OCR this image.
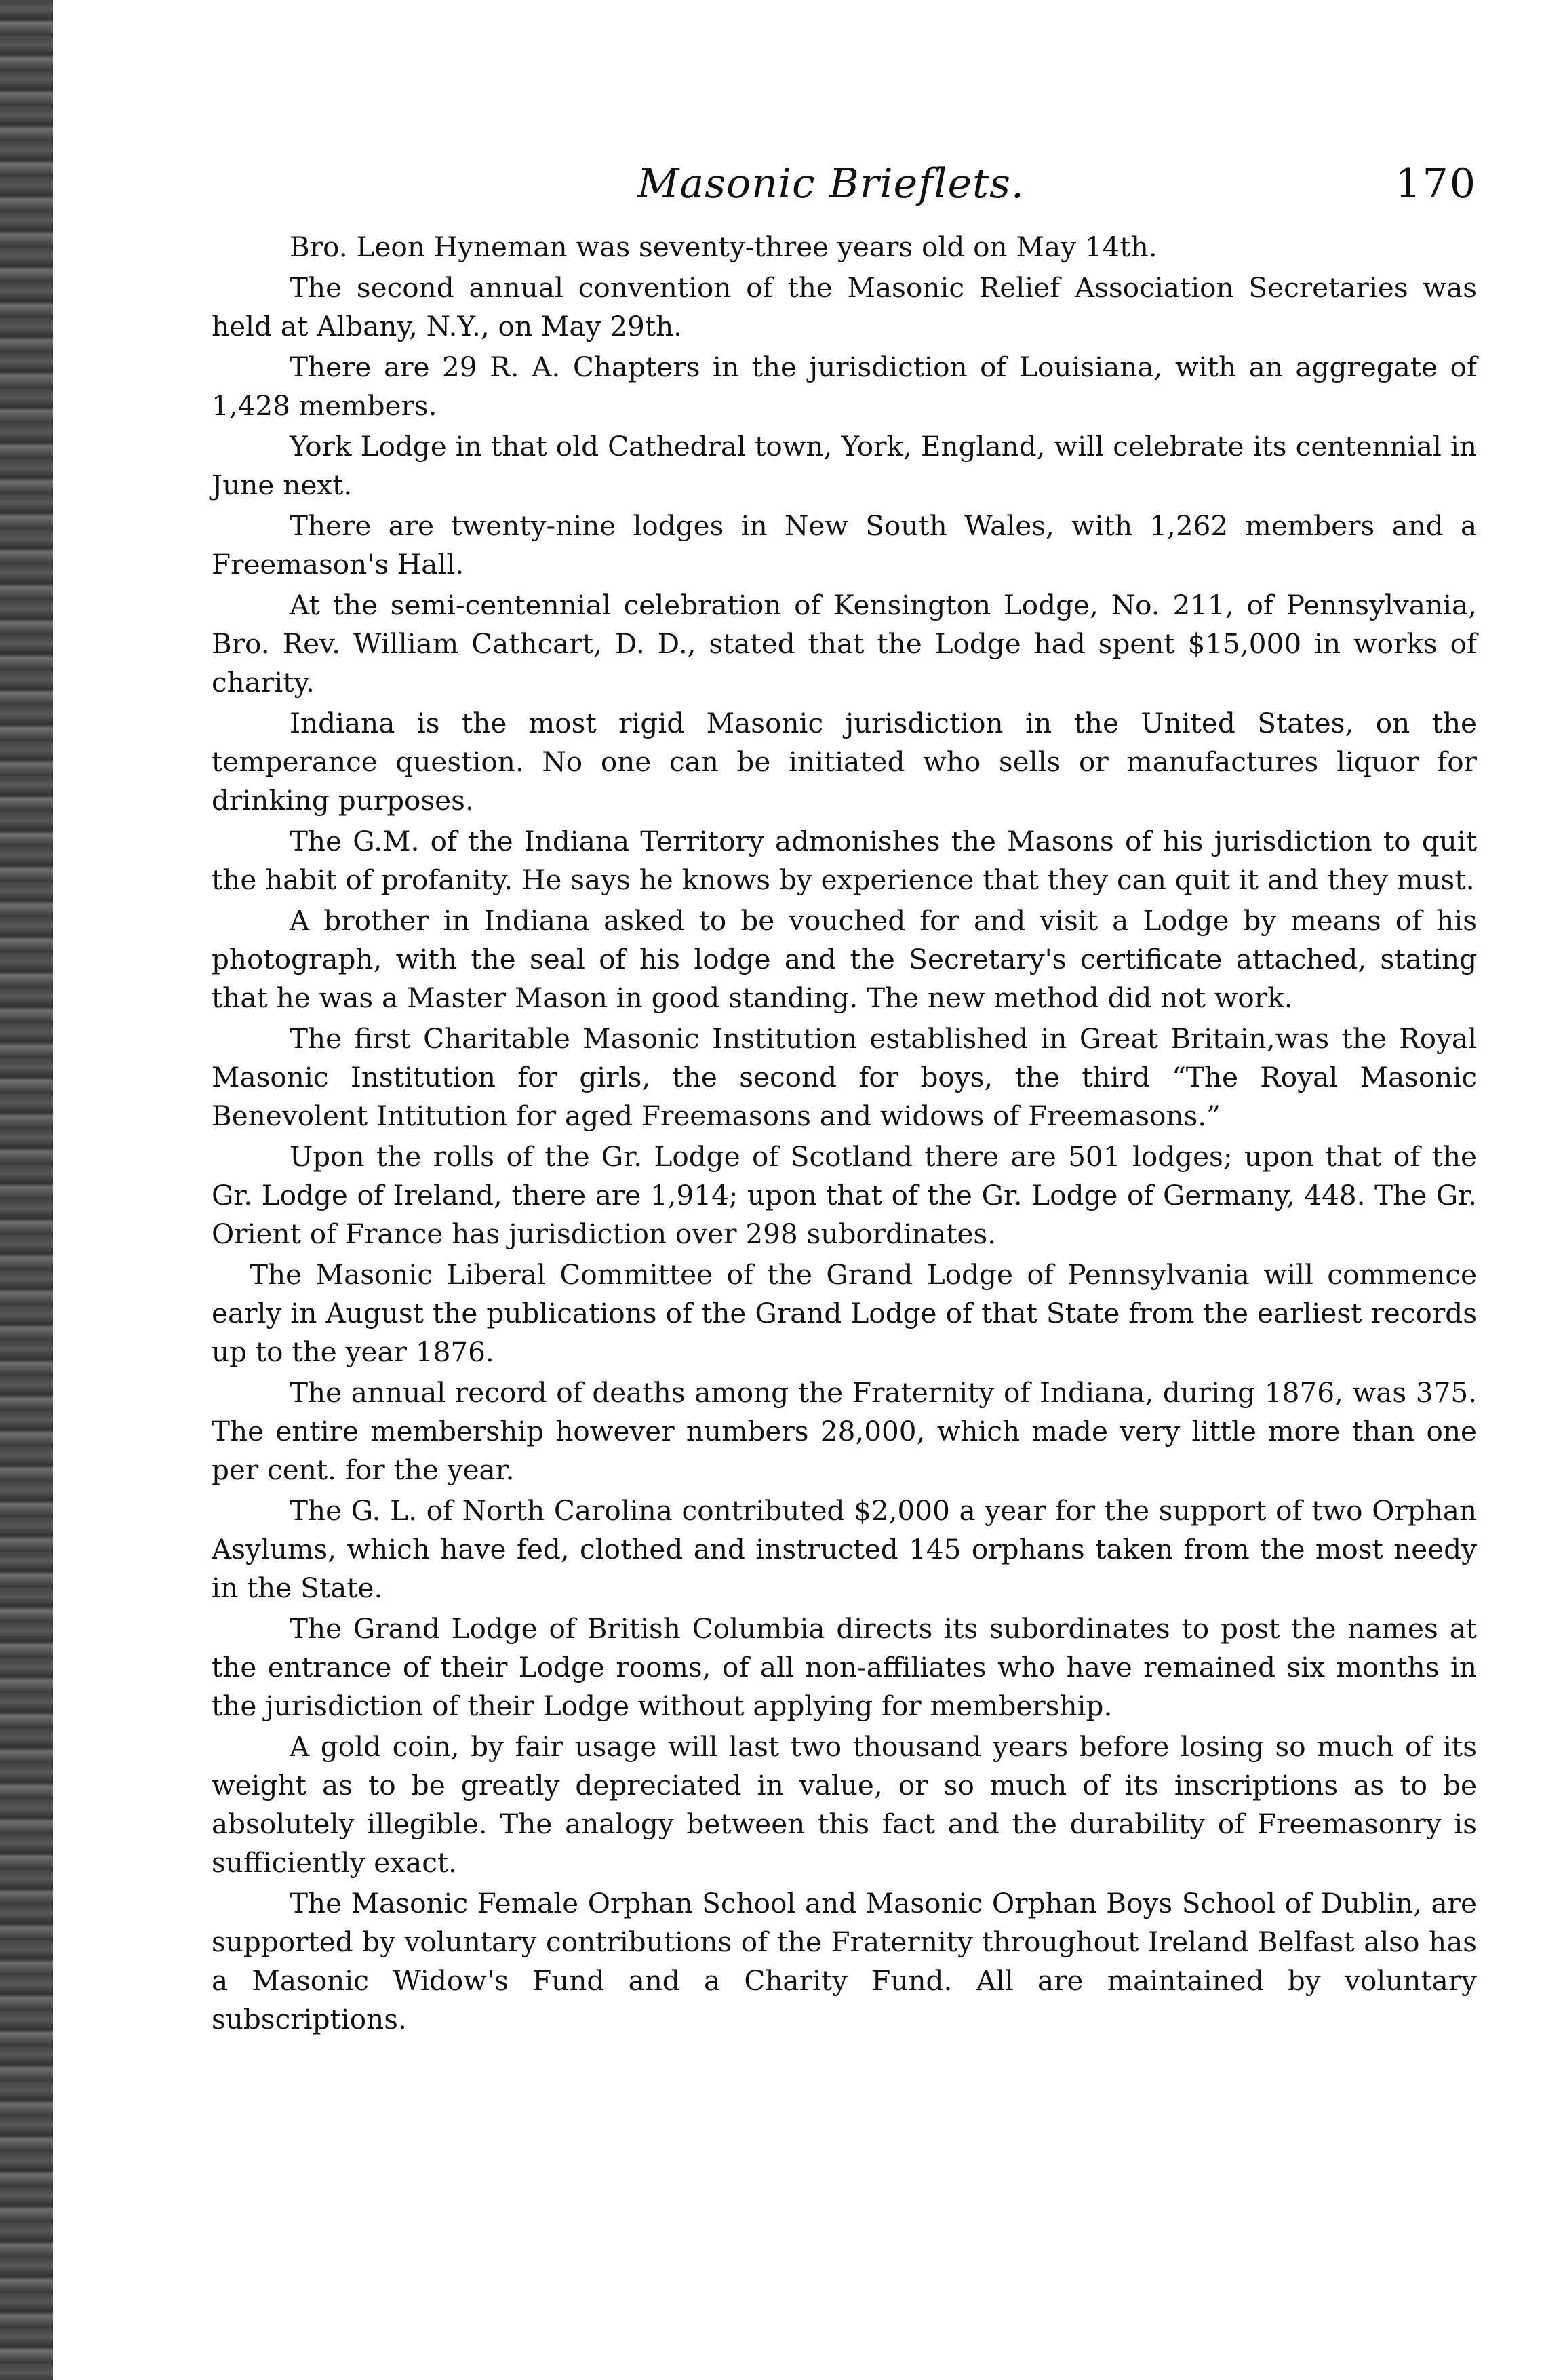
Masonic Brieflets.	170

Bro. Leon Hyneman was seventy-three years old on May 14th.

The second annual convention of the Masonic Relief Association Secretaries was held at Albany, N.Y., on May 29th.

There are 29 R. A. Chapters in the jurisdiction of Louisiana, with an aggregate of 1,428 members.

York Lodge in that old Cathedral town, York, England, will celebrate its centennial in June next.

There are twenty-nine lodges in New South Wales, with 1,262 members and a Freemason's Hall.

At the semi-centennial celebration of Kensington Lodge, No. 211, of Pennsylvania, Bro. Rev. William Cathcart, D. D., stated that the Lodge had spent $15,000 in works of charity.

Indiana is the most rigid Masonic jurisdiction in the United States, on the temperance question. No one can be initiated who sells or manufactures liquor for drinking purposes.

The G.M. of the Indiana Territory admonishes the Masons of his jurisdiction to quit the habit of profanity. He says he knows by experience that they can quit it and they must.

A brother in Indiana asked to be vouched for and visit a Lodge by means of his photograph, with the seal of his lodge and the Secretary's certificate attached, stating that he was a Master Mason in good standing. The new method did not work.

The first Charitable Masonic Institution established in Great Britain,was the Royal Masonic Institution for girls, the second for boys, the third “The Royal Masonic Benevolent Intitution for aged Freemasons and widows of Freemasons.”

Upon the rolls of the Gr. Lodge of Scotland there are 501 lodges; upon that of the Gr. Lodge of Ireland, there are 1,914; upon that of the Gr. Lodge of Germany, 448. The Gr. Orient of France has jurisdiction over 298 subordinates.

The Masonic Liberal Committee of the Grand Lodge of Pennsylvania will commence early in August the publications of the Grand Lodge of that State from the earliest records up to the year 1876.

The annual record of deaths among the Fraternity of Indiana, during 1876, was 375. The entire membership however numbers 28,000, which made very little more than one per cent. for the year.

The G. L. of North Carolina contributed $2,000 a year for the support of two Orphan Asylums, which have fed, clothed and instructed 145 orphans taken from the most needy in the State.

The Grand Lodge of British Columbia directs its subordinates to post the names at the entrance of their Lodge rooms, of all non-affiliates who have remained six months in the jurisdiction of their Lodge without applying for membership.

A gold coin, by fair usage will last two thousand years before losing so much of its weight as to be greatly depreciated in value, or so much of its inscriptions as to be absolutely illegible. The analogy between this fact and the durability of Freemasonry is sufficiently exact.

The Masonic Female Orphan School and Masonic Orphan Boys School of Dublin, are supported by voluntary contributions of the Fraternity throughout Ireland Belfast also has a Masonic Widow's Fund and a Charity Fund. All are maintained by voluntary subscriptions.
